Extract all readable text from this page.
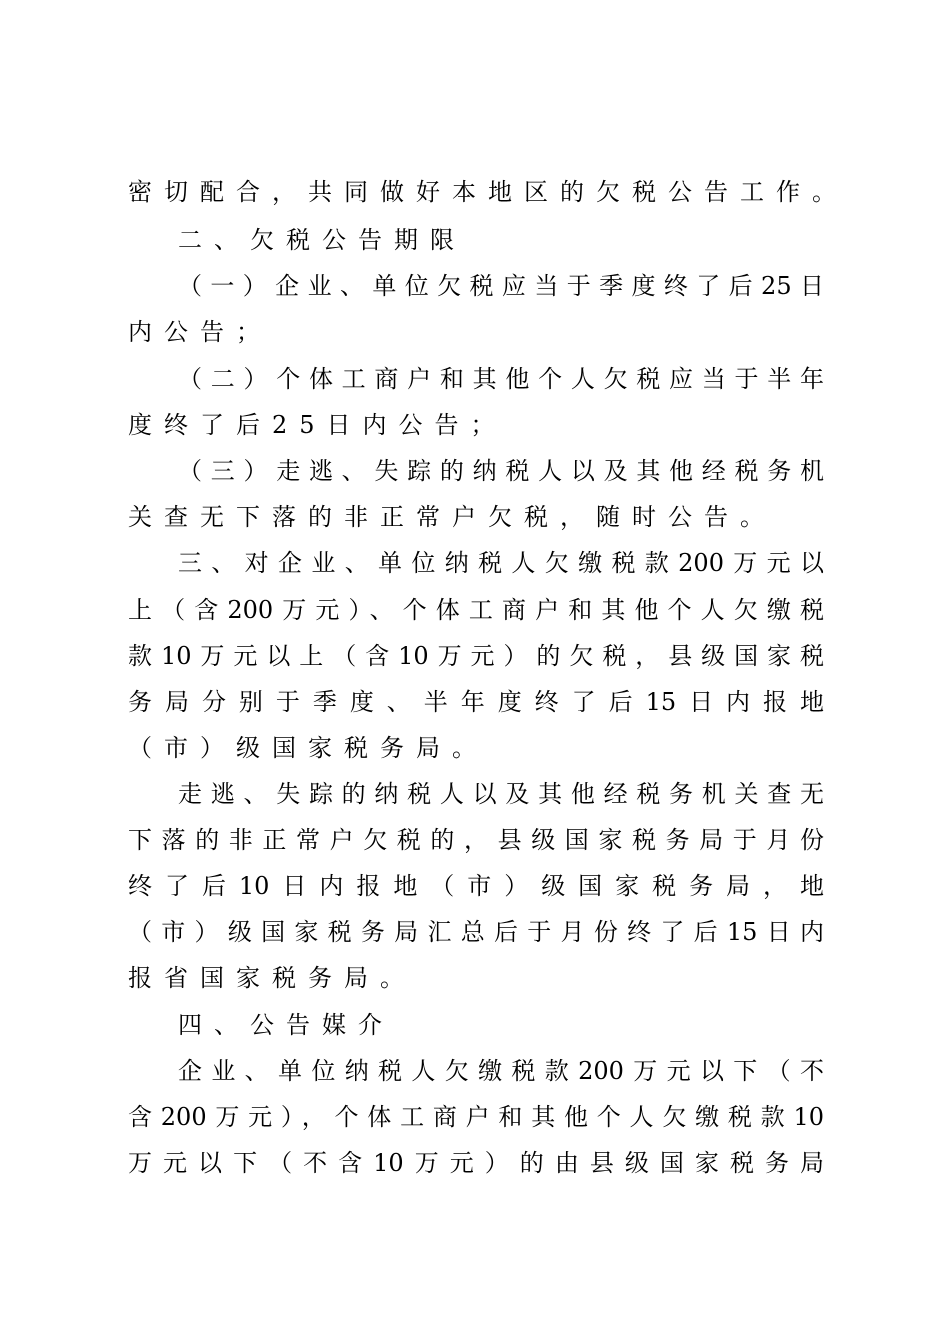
密切配合，共同做好本地区的欠税公告工作。
二、欠税公告期限
（一）企业、单位欠税应当于季度终了后25日
内公告；
（二）个体工商户和其他个人欠税应当于半年
度终了后25日内公告；
（三）走逃、失踪的纳税人以及其他经税务机
关查无下落的非正常户欠税，随时公告。
三、对企业、单位纳税人欠缴税款200万元以
上（含200万元）、个体工商户和其他个人欠缴税
款10万元以上（含10万元）的欠税，县级国家税
务局分别于季度、半年度终了后15日内报地
（市）级国家税务局。
走逃、失踪的纳税人以及其他经税务机关查无
下落的非正常户欠税的，县级国家税务局于月份
终了后10日内报地（市）级国家税务局，地
（市）级国家税务局汇总后于月份终了后15日内
报省国家税务局。
四、公告媒介
企业、单位纳税人欠缴税款200万元以下（不
含200万元），个体工商户和其他个人欠缴税款10
万元以下（不含10万元）的由县级国家税务局
